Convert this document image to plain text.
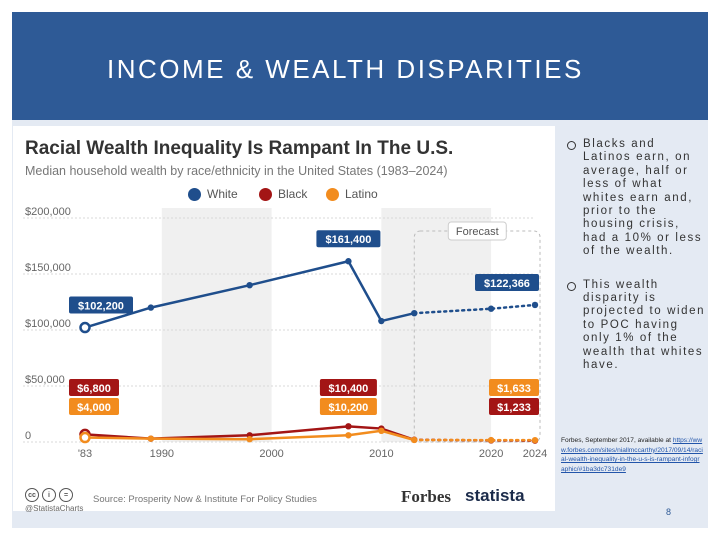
INCOME & WEALTH DISPARITIES
Racial Wealth Inequality Is Rampant In The U.S.
Median household wealth by race/ethnicity in the United States (1983–2024)
White	Black	Latino
0
$50,000
$100,000
$150,000
$200,000
'83	1990	2000	2010	2020 2024
Forecast
$102,200
$161,400
$122,366
$6,800
$4,000
$10,400
$10,200
$1,633
$1,233
cc	i	=
@StatistaCharts
Source: Prosperity Now & Institute For Policy Studies	Forbes statista
Blacks and Latinos earn, on average, half or less of what whites earn and, prior to the housing crisis, had a 10% or less of the wealth.
This wealth disparity is projected to widen to POC having only 1% of the wealth that whites have.
Forbes, September 2017, available at https://www.forbes.com/sites/niallmccarthy/2017/09/14/racial-wealth-inequality-in-the-u-s-is-rampant-infographic/#1ba3dc731de9
8
